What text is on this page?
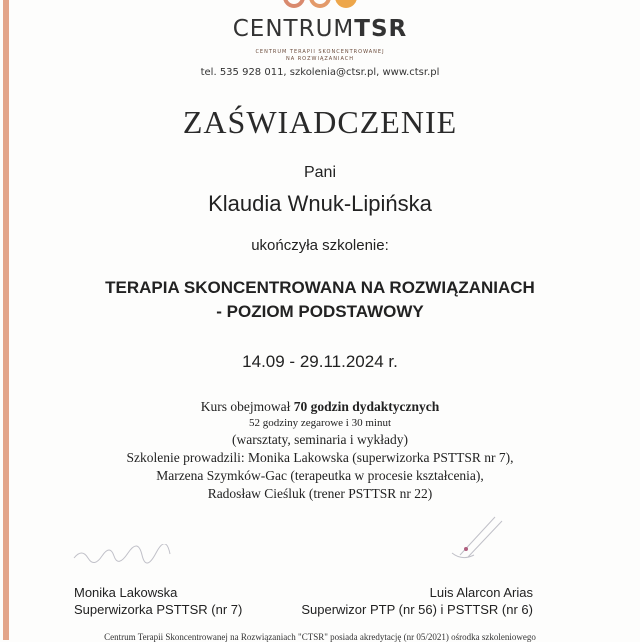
CENTRUMTSR
CENTRUM TERAPII SKONCENTROWANEJ
NA ROZWIĄZANIACH
tel. 535 928 011, szkolenia@ctsr.pl, www.ctsr.pl
ZAŚWIADCZENIE
Pani
Klaudia Wnuk-Lipińska
ukończyła szkolenie:
TERAPIA SKONCENTROWANA NA ROZWIĄZANIACH
- POZIOM PODSTAWOWY
14.09 - 29.11.2024 r.
Kurs obejmował 70 godzin dydaktycznych
52 godziny zegarowe i 30 minut
(warsztaty, seminaria i wykłady)
Szkolenie prowadzili: Monika Lakowska (superwizorka PSTTSR nr 7),
Marzena Szymków-Gac (terapeutka w procesie kształcenia),
Radosław Cieśluk (trener PSTTSR nr 22)
Monika Lakowska
Superwizorka PSTTSR (nr 7)
Luis Alarcon Arias
Superwizor PTP (nr 56) i PSTTSR (nr 6)
Centrum Terapii Skoncentrowanej na Rozwiązaniach "CTSR" posiada akredytację (nr 05/2021) ośrodka szkoleniowego
